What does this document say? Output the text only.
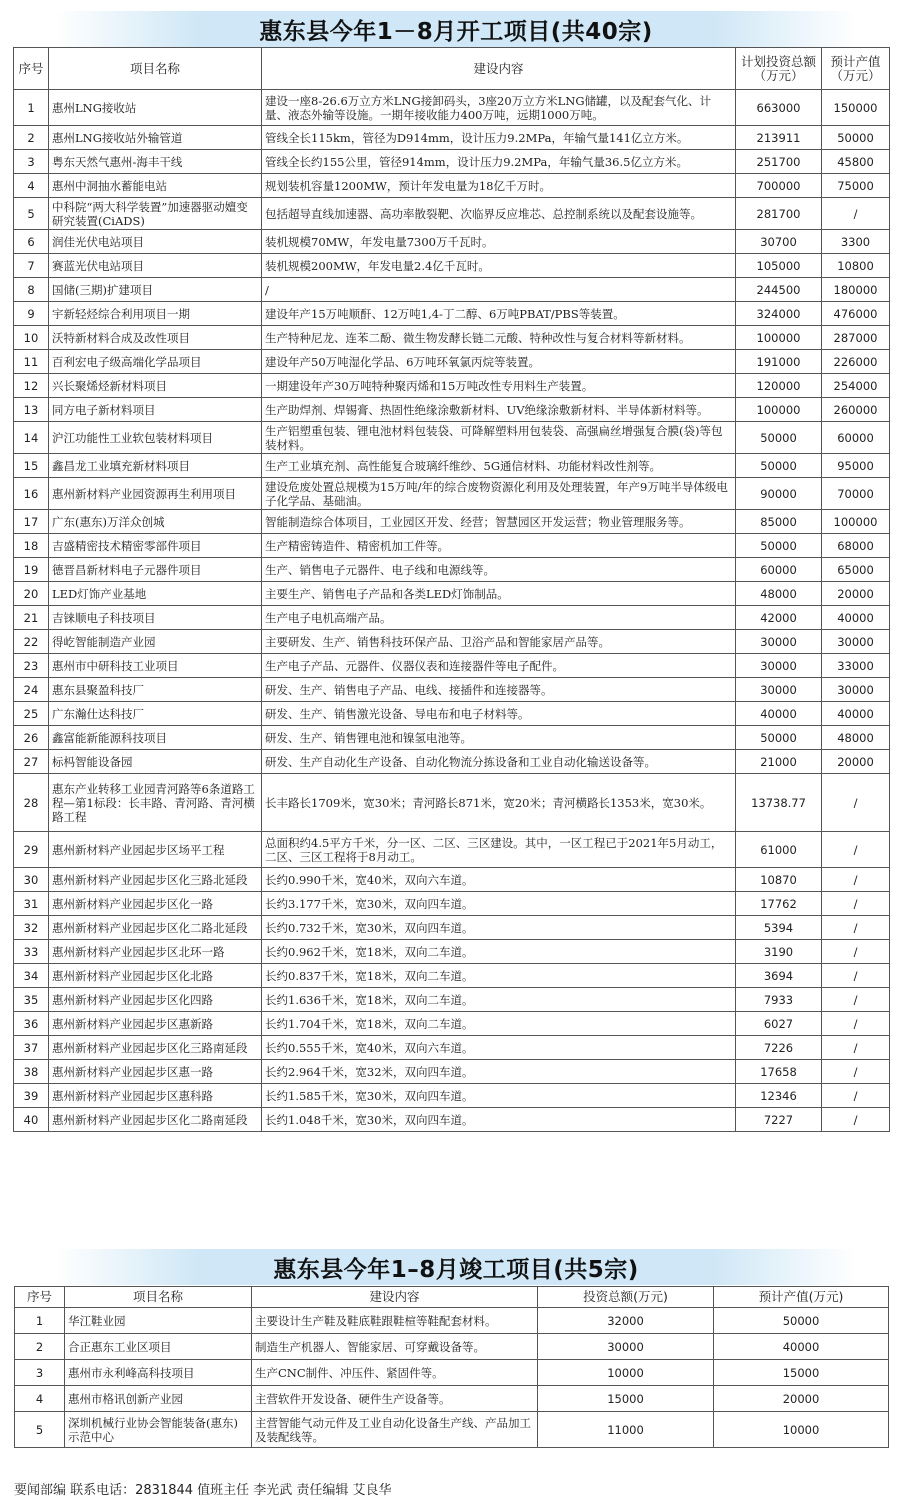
惠东县今年1－8月开工项目(共40宗)
序号	项目名称	建设内容	计划投资总额（万元）	预计产值（万元）
1	惠州LNG接收站	建设一座8-26.6万立方米LNG接卸码头，3座20万立方米LNG储罐，以及配套气化、计量、液态外输等设施。一期年接收能力400万吨，远期1000万吨。	663000	150000
2	惠州LNG接收站外输管道	管线全长115km，管径为D914mm，设计压力9.2MPa，年输气量141亿立方米。	213911	50000
3	粤东天然气惠州-海丰干线	管线全长约155公里，管径914mm，设计压力9.2MPa，年输气量36.5亿立方米。	251700	45800
4	惠州中洞抽水蓄能电站	规划装机容量1200MW，预计年发电量为18亿千万时。	700000	75000
5	中科院“两大科学装置”加速器驱动嬗变研究装置(CiADS)	包括超导直线加速器、高功率散裂靶、次临界反应堆芯、总控制系统以及配套设施等。	281700	/
6	润佳光伏电站项目	装机规模70MW，年发电量7300万千瓦时。	30700	3300
7	赛蓝光伏电站项目	装机规模200MW，年发电量2.4亿千瓦时。	105000	10800
8	国储(三期)扩建项目	/	244500	180000
9	宇新轻烃综合利用项目一期	建设年产15万吨顺酐、12万吨1,4-丁二醇、6万吨PBAT/PBS等装置。	324000	476000
10	沃特新材料合成及改性项目	生产特种尼龙、连苯二酚、微生物发酵长链二元酸、特种改性与复合材料等新材料。	100000	287000
11	百利宏电子级高端化学品项目	建设年产50万吨湿化学品、6万吨环氧氯丙烷等装置。	191000	226000
12	兴长聚烯烃新材料项目	一期建设年产30万吨特种聚丙烯和15万吨改性专用料生产装置。	120000	254000
13	同方电子新材料项目	生产助焊剂、焊锡膏、热固性绝缘涂敷新材料、UV绝缘涂敷新材料、半导体新材料等。	100000	260000
14	沪江功能性工业软包装材料项目	生产铝塑重包装、锂电池材料包装袋、可降解塑料用包装袋、高强扁丝增强复合膜(袋)等包装材料。	50000	60000
15	鑫昌龙工业填充新材料项目	生产工业填充剂、高性能复合玻璃纤维纱、5G通信材料、功能材料改性剂等。	50000	95000
16	惠州新材料产业园资源再生利用项目	建设危废处置总规模为15万吨/年的综合废物资源化利用及处理装置，年产9万吨半导体级电子化学品、基础油。	90000	70000
17	广东(惠东)万洋众创城	智能制造综合体项目，工业园区开发、经营；智慧园区开发运营；物业管理服务等。	85000	100000
18	吉盛精密技术精密零部件项目	生产精密铸造件、精密机加工件等。	50000	68000
19	德晋昌新材料电子元器件项目	生产、销售电子元器件、电子线和电源线等。	60000	65000
20	LED灯饰产业基地	主要生产、销售电子产品和各类LED灯饰制品。	48000	20000
21	吉铼顺电子科技项目	生产电子电机高端产品。	42000	40000
22	得屹智能制造产业园	主要研发、生产、销售科技环保产品、卫浴产品和智能家居产品等。	30000	30000
23	惠州市中研科技工业项目	生产电子产品、元器件、仪器仪表和连接器件等电子配件。	30000	33000
24	惠东县聚盈科技厂	研发、生产、销售电子产品、电线、接插件和连接器等。	30000	30000
25	广东瀚仕达科技厂	研发、生产、销售激光设备、导电布和电子材料等。	40000	40000
26	鑫富能新能源科技项目	研发、生产、销售锂电池和镍氢电池等。	50000	48000
27	标杩智能设备园	研发、生产自动化生产设备、自动化物流分拣设备和工业自动化输送设备等。	21000	20000
28	惠东产业转移工业园青河路等6条道路工程—第1标段：长丰路、青河路、青河横路工程	长丰路长1709米，宽30米；青河路长871米，宽20米；青河横路长1353米，宽30米。	13738.77	/
29	惠州新材料产业园起步区场平工程	总面积约4.5平方千米，分一区、二区、三区建设。其中，一区工程已于2021年5月动工，二区、三区工程将于8月动工。	61000	/
30	惠州新材料产业园起步区化三路北延段	长约0.990千米，宽40米，双向六车道。	10870	/
31	惠州新材料产业园起步区化一路	长约3.177千米，宽30米，双向四车道。	17762	/
32	惠州新材料产业园起步区化二路北延段	长约0.732千米，宽30米，双向四车道。	5394	/
33	惠州新材料产业园起步区北环一路	长约0.962千米，宽18米，双向二车道。	3190	/
34	惠州新材料产业园起步区化北路	长约0.837千米，宽18米，双向二车道。	3694	/
35	惠州新材料产业园起步区化四路	长约1.636千米，宽18米，双向二车道。	7933	/
36	惠州新材料产业园起步区惠新路	长约1.704千米，宽18米，双向二车道。	6027	/
37	惠州新材料产业园起步区化三路南延段	长约0.555千米，宽40米，双向六车道。	7226	/
38	惠州新材料产业园起步区惠一路	长约2.964千米，宽32米，双向四车道。	17658	/
39	惠州新材料产业园起步区惠科路	长约1.585千米，宽30米，双向四车道。	12346	/
40	惠州新材料产业园起步区化二路南延段	长约1.048千米，宽30米，双向四车道。	7227	/
惠东县今年1–8月竣工项目(共5宗)
序号	项目名称	建设内容	投资总额(万元)	预计产值(万元)
1	华江鞋业园	主要设计生产鞋及鞋底鞋跟鞋楦等鞋配套材料。	32000	50000
2	合正惠东工业区项目	制造生产机器人、智能家居、可穿戴设备等。	30000	40000
3	惠州市永利峰高科技项目	生产CNC制件、冲压件、紧固件等。	10000	15000
4	惠州市格讯创新产业园	主营软件开发设备、硬件生产设备等。	15000	20000
5	深圳机械行业协会智能装备(惠东)示范中心	主营智能气动元件及工业自动化设备生产线、产品加工及装配线等。	11000	10000
要闻部编 联系电话：2831844 值班主任 李光武 责任编辑 艾良华
